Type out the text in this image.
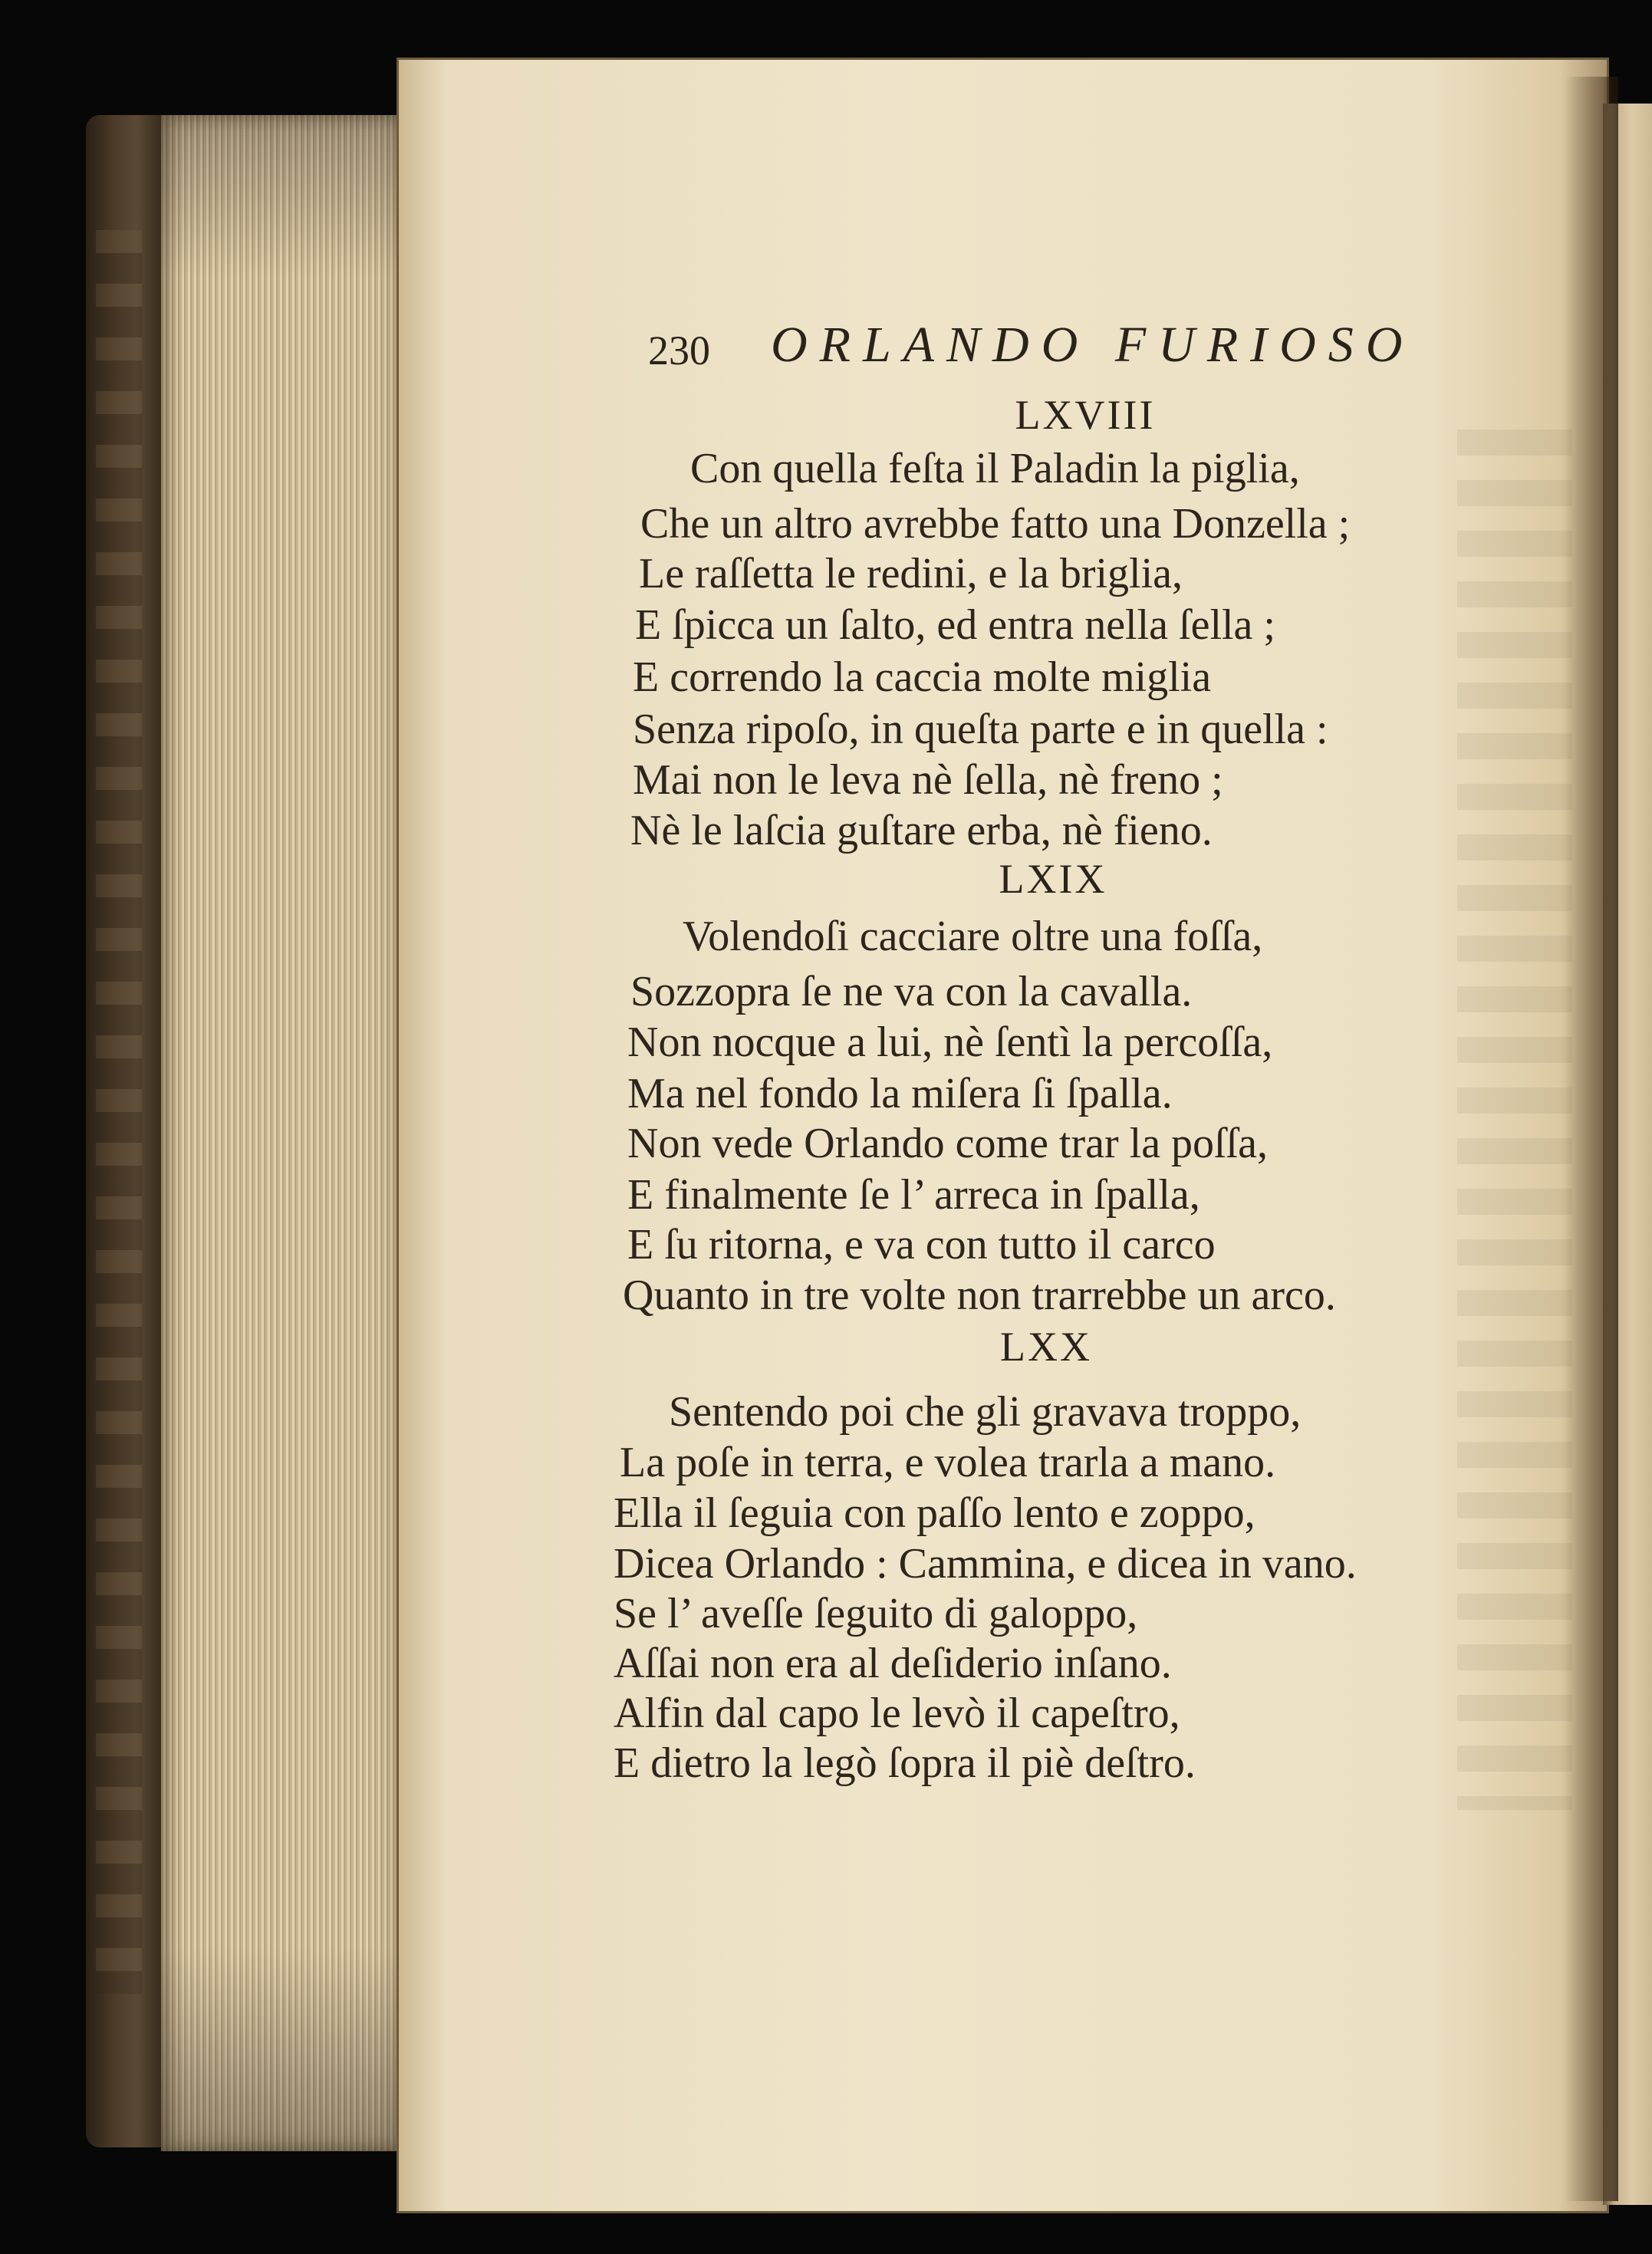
230 ORLANDO FURIOSO
LXVIII
Con quella feſta il Paladin la piglia,
Che un altro avrebbe fatto una Donzella ;
Le raſſetta le redini, e la briglia,
E ſpicca un ſalto, ed entra nella ſella ;
E correndo la caccia molte miglia
Senza ripoſo, in queſta parte e in quella :
Mai non le leva nè ſella, nè freno ;
Nè le laſcia guſtare erba, nè fieno.
LXIX
Volendoſi cacciare oltre una foſſa,
Sozzopra ſe ne va con la cavalla.
Non nocque a lui, nè ſentì la percoſſa,
Ma nel fondo la miſera ſi ſpalla.
Non vede Orlando come trar la poſſa,
E finalmente ſe l’ arreca in ſpalla,
E ſu ritorna, e va con tutto il carco
Quanto in tre volte non trarrebbe un arco.
LXX
Sentendo poi che gli gravava troppo,
La poſe in terra, e volea trarla a mano.
Ella il ſeguia con paſſo lento e zoppo,
Dicea Orlando : Cammina, e dicea in vano.
Se l’ aveſſe ſeguito di galoppo,
Aſſai non era al deſiderio inſano.
Alfin dal capo le levò il capeſtro,
E dietro la legò ſopra il piè deſtro.
